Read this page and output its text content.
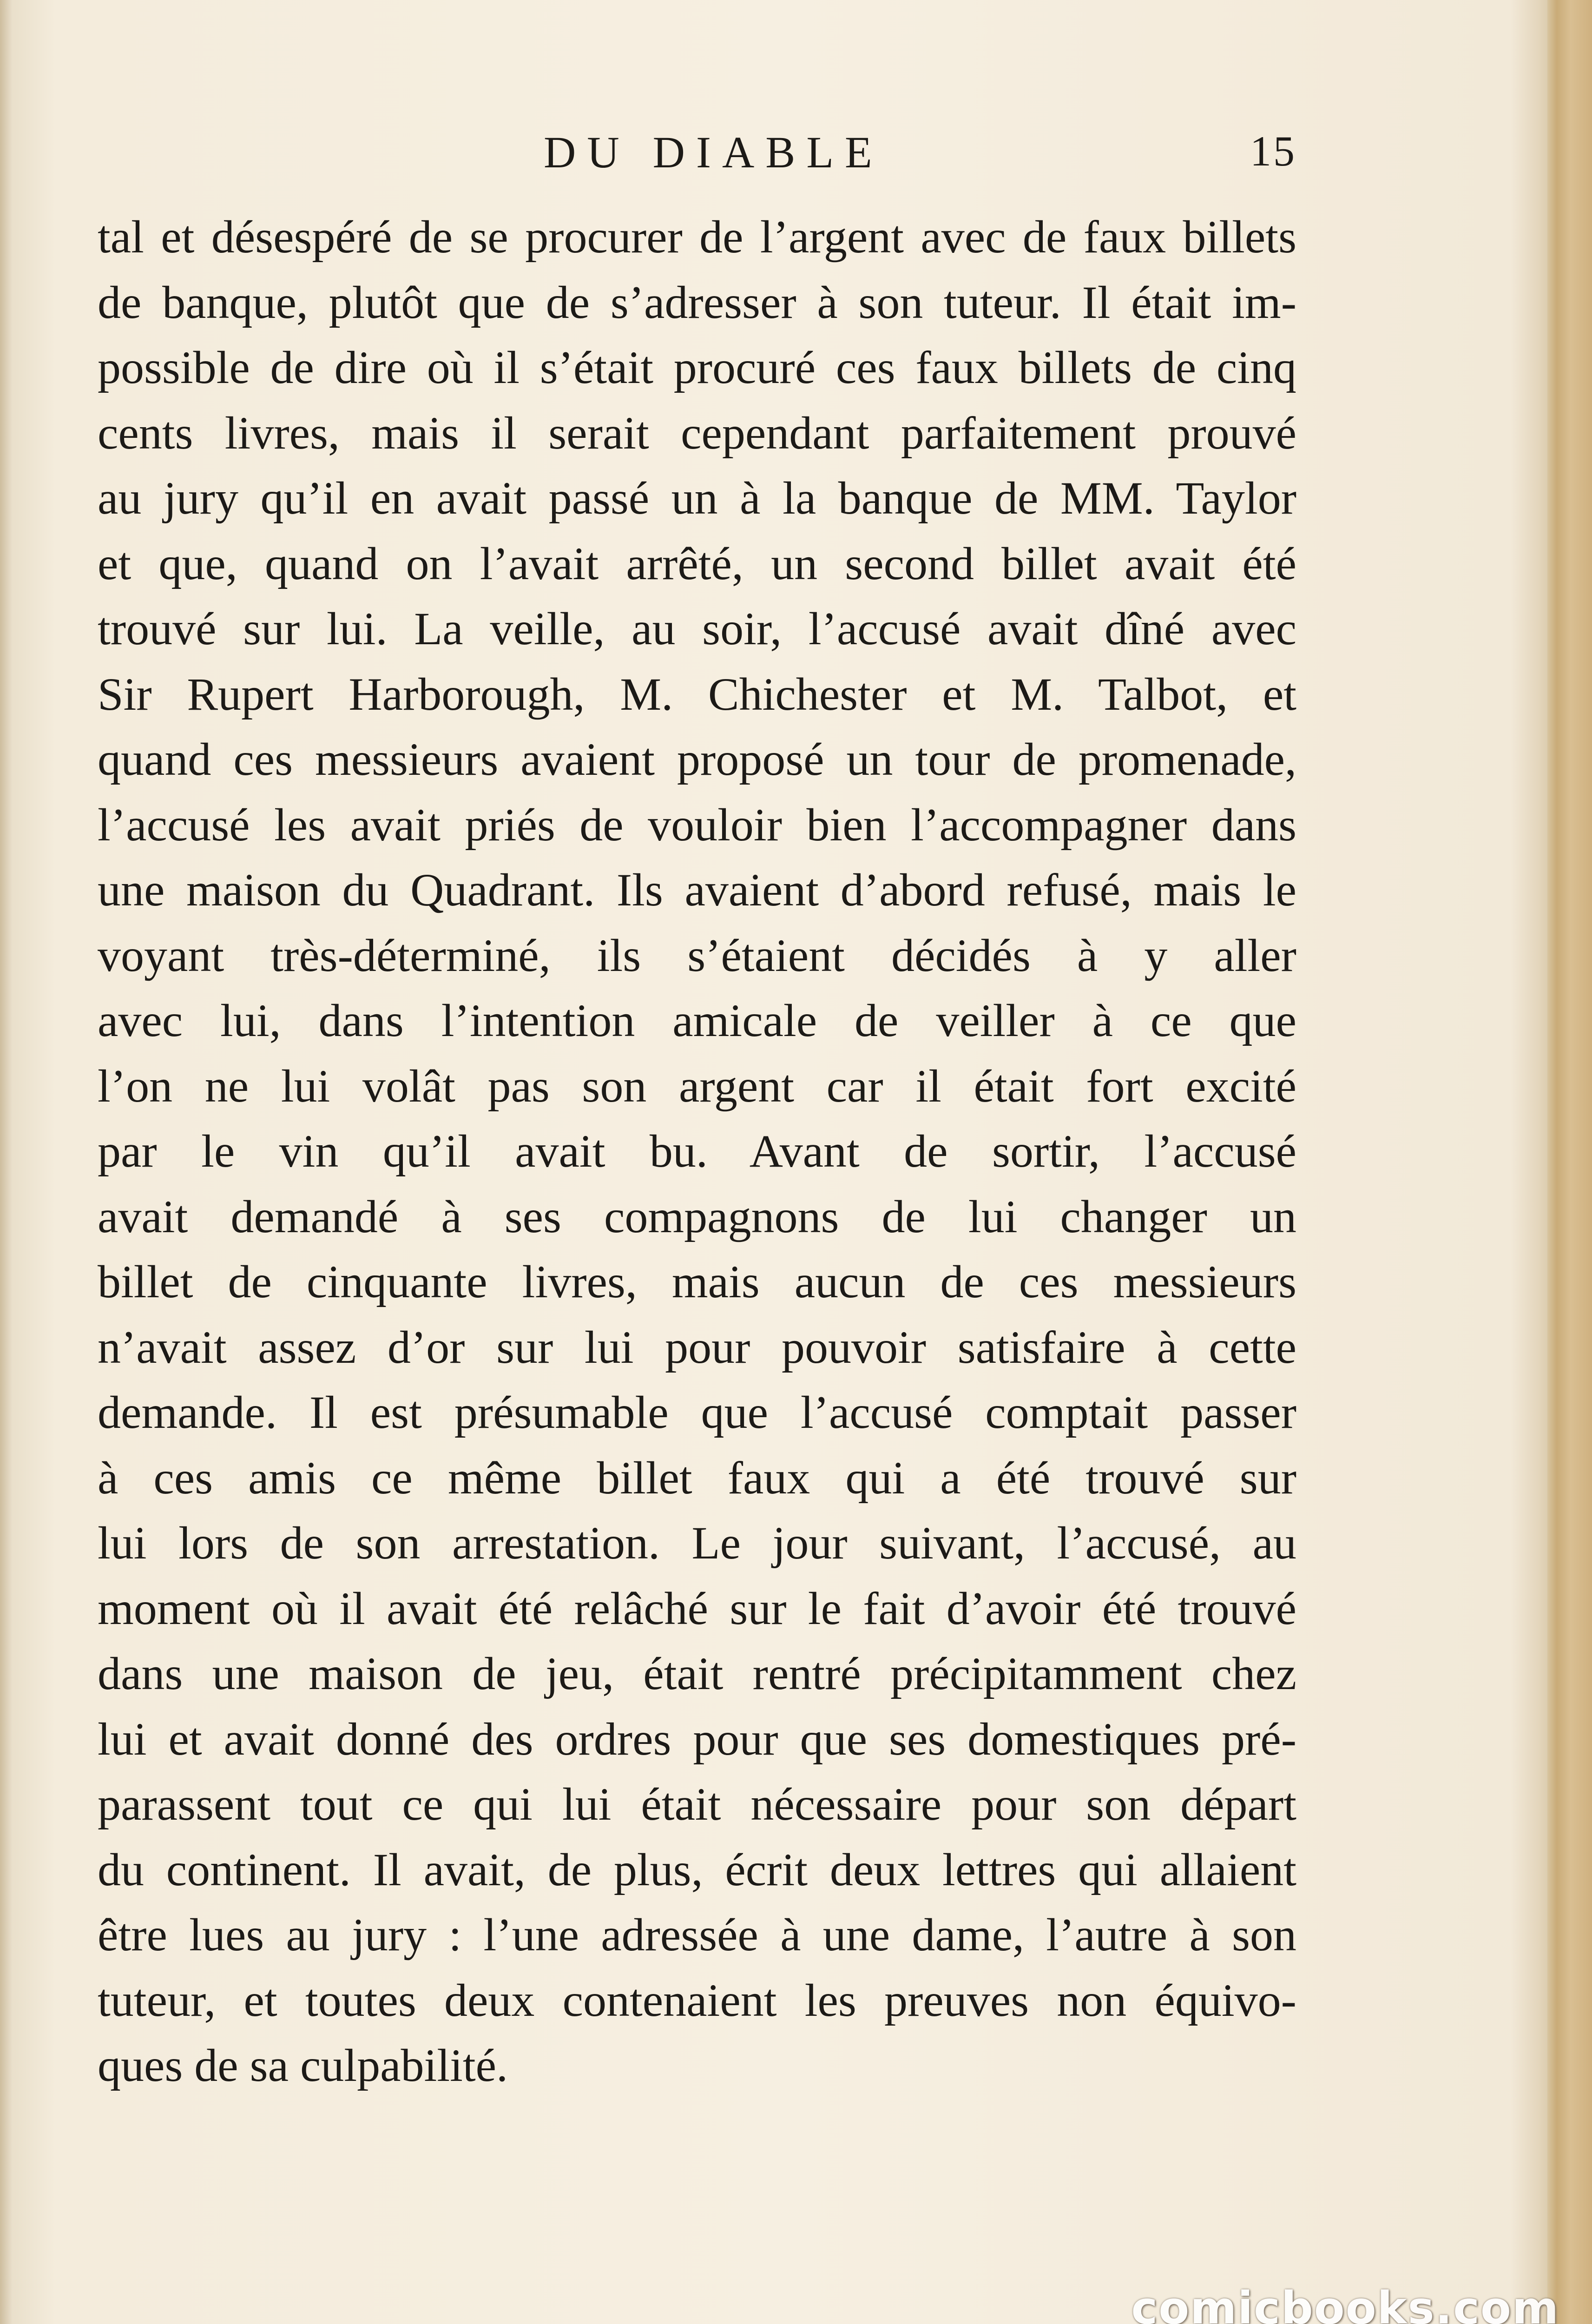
DU DIABLE	15
tal et désespéré de se procurer de l’argent avec de faux billets
de banque, plutôt que de s’adresser à son tuteur. Il était im-
possible de dire où il s’était procuré ces faux billets de cinq
cents livres, mais il serait cependant parfaitement prouvé
au jury qu’il en avait passé un à la banque de MM. Taylor
et que, quand on l’avait arrêté, un second billet avait été
trouvé sur lui. La veille, au soir, l’accusé avait dîné avec
Sir Rupert Harborough, M. Chichester et M. Talbot, et
quand ces messieurs avaient proposé un tour de promenade,
l’accusé les avait priés de vouloir bien l’accompagner dans
une maison du Quadrant. Ils avaient d’abord refusé, mais le
voyant très-déterminé, ils s’étaient décidés à y aller
avec lui, dans l’intention amicale de veiller à ce que
l’on ne lui volât pas son argent car il était fort excité
par le vin qu’il avait bu. Avant de sortir, l’accusé
avait demandé à ses compagnons de lui changer un
billet de cinquante livres, mais aucun de ces messieurs
n’avait assez d’or sur lui pour pouvoir satisfaire à cette
demande. Il est présumable que l’accusé comptait passer
à ces amis ce même billet faux qui a été trouvé sur
lui lors de son arrestation. Le jour suivant, l’accusé, au
moment où il avait été relâché sur le fait d’avoir été trouvé
dans une maison de jeu, était rentré précipitamment chez
lui et avait donné des ordres pour que ses domestiques pré-
parassent tout ce qui lui était nécessaire pour son départ
du continent. Il avait, de plus, écrit deux lettres qui allaient
être lues au jury : l’une adressée à une dame, l’autre à son
tuteur, et toutes deux contenaient les preuves non équivo-
ques de sa culpabilité.
comicbooks.com
